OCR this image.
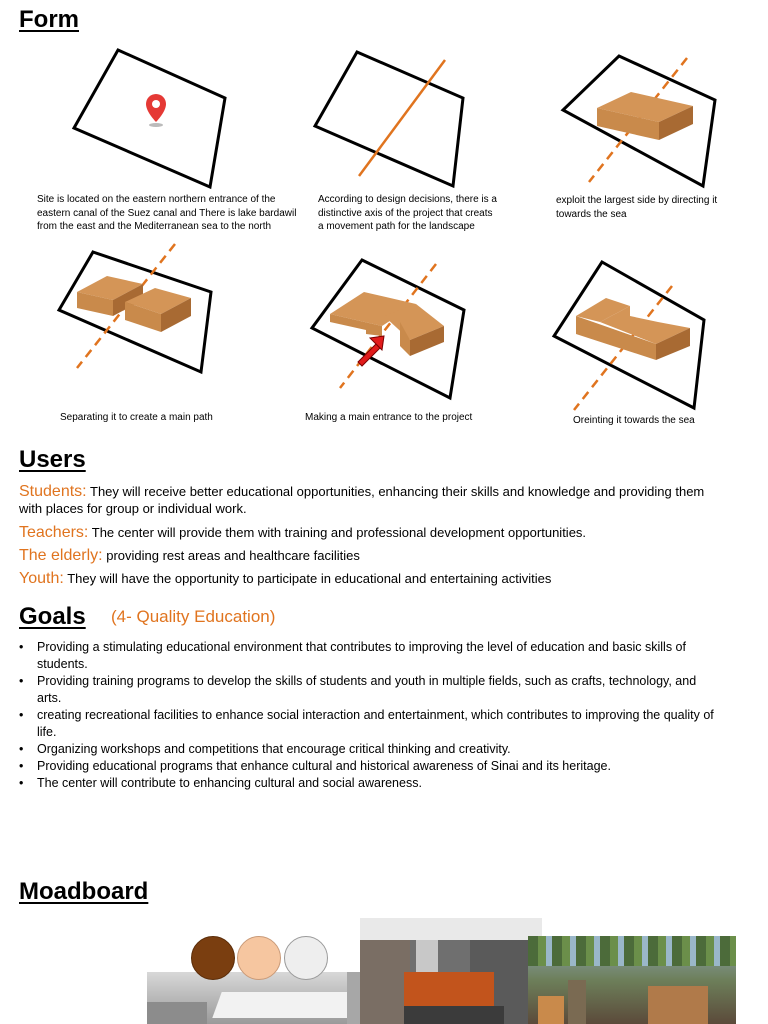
Form
Site is located on the eastern northern entrance of the eastern canal of the Suez canal and There is lake bardawil from the east and the Mediterranean sea to the north
According to design decisions, there is a distinctive axis of the project that creats a movement path for the landscape
exploit the largest side by directing it towards the sea
Separating it to create a main path	Making a main entrance to the project	Oreinting it towards the sea
Users
Students: They will receive better educational opportunities, enhancing their skills and knowledge and providing them with places for group or individual work.
Teachers: The center will provide them with training and professional development opportunities.
The elderly: providing rest areas and healthcare facilities
Youth: They will have the opportunity to participate in educational and entertaining activities
Goals (4- Quality Education)
• Providing a stimulating educational environment that contributes to improving the level of education and basic skills of students.
• Providing training programs to develop the skills of students and youth in multiple fields, such as crafts, technology, and arts.
• creating recreational facilities to enhance social interaction and entertainment, which contributes to improving the quality of life.
• Organizing workshops and competitions that encourage critical thinking and creativity.
• Providing educational programs that enhance cultural and historical awareness of Sinai and its heritage.
• The center will contribute to enhancing cultural and social awareness.
Moadboard
